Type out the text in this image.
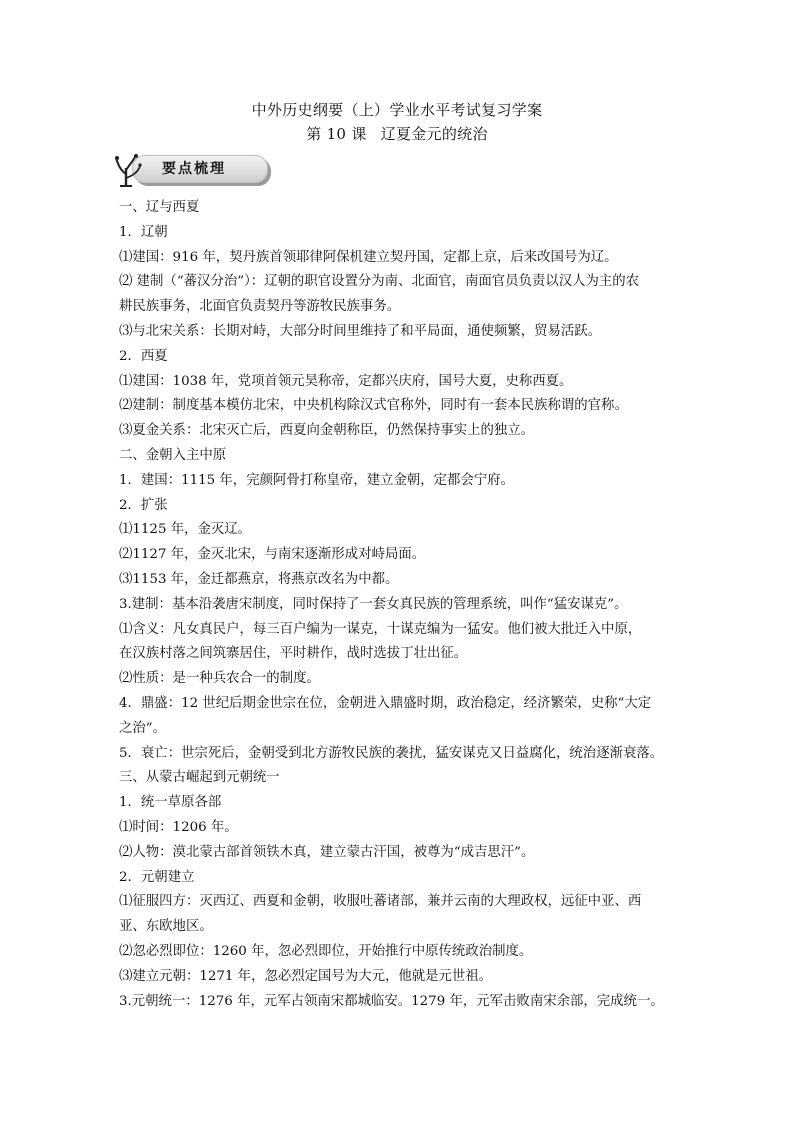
中外历史纲要（上）学业水平考试复习学案
第 10 课 辽夏金元的统治
要点梳理
一、辽与西夏
1．辽朝
⑴建国：916 年，契丹族首领耶律阿保机建立契丹国，定都上京，后来改国号为辽。
⑵ 建制（“蕃汉分治”）：辽朝的职官设置分为南、北面官，南面官员负责以汉人为主的农
耕民族事务，北面官负责契丹等游牧民族事务。
⑶与北宋关系：长期对峙，大部分时间里维持了和平局面，通使频繁，贸易活跃。
2．西夏
⑴建国：1038 年，党项首领元昊称帝，定都兴庆府，国号大夏，史称西夏。
⑵建制：制度基本模仿北宋，中央机构除汉式官称外，同时有一套本民族称谓的官称。
⑶夏金关系：北宋灭亡后，西夏向金朝称臣，仍然保持事实上的独立。
二、金朝入主中原
1．建国：1115 年，完颜阿骨打称皇帝，建立金朝，定都会宁府。
2．扩张
⑴1125 年，金灭辽。
⑵1127 年，金灭北宋，与南宋逐渐形成对峙局面。
⑶1153 年，金迁都燕京，将燕京改名为中都。
3.建制：基本沿袭唐宋制度，同时保持了一套女真民族的管理系统，叫作“猛安谋克”。
⑴含义：凡女真民户，每三百户编为一谋克，十谋克编为一猛安。他们被大批迁入中原，
在汉族村落之间筑寨居住，平时耕作，战时选拔丁壮出征。
⑵性质：是一种兵农合一的制度。
4．鼎盛：12 世纪后期金世宗在位，金朝进入鼎盛时期，政治稳定，经济繁荣，史称“大定
之治”。
5．衰亡：世宗死后，金朝受到北方游牧民族的袭扰，猛安谋克又日益腐化，统治逐渐衰落。
三、从蒙古崛起到元朝统一
1．统一草原各部
⑴时间：1206 年。
⑵人物：漠北蒙古部首领铁木真，建立蒙古汗国，被尊为“成吉思汗”。
2．元朝建立
⑴征服四方：灭西辽、西夏和金朝，收服吐蕃诸部，兼并云南的大理政权，远征中亚、西
亚、东欧地区。
⑵忽必烈即位：1260 年，忽必烈即位，开始推行中原传统政治制度。
⑶建立元朝：1271 年，忽必烈定国号为大元，他就是元世祖。
3.元朝统一：1276 年，元军占领南宋都城临安。1279 年，元军击败南宋余部，完成统一。
